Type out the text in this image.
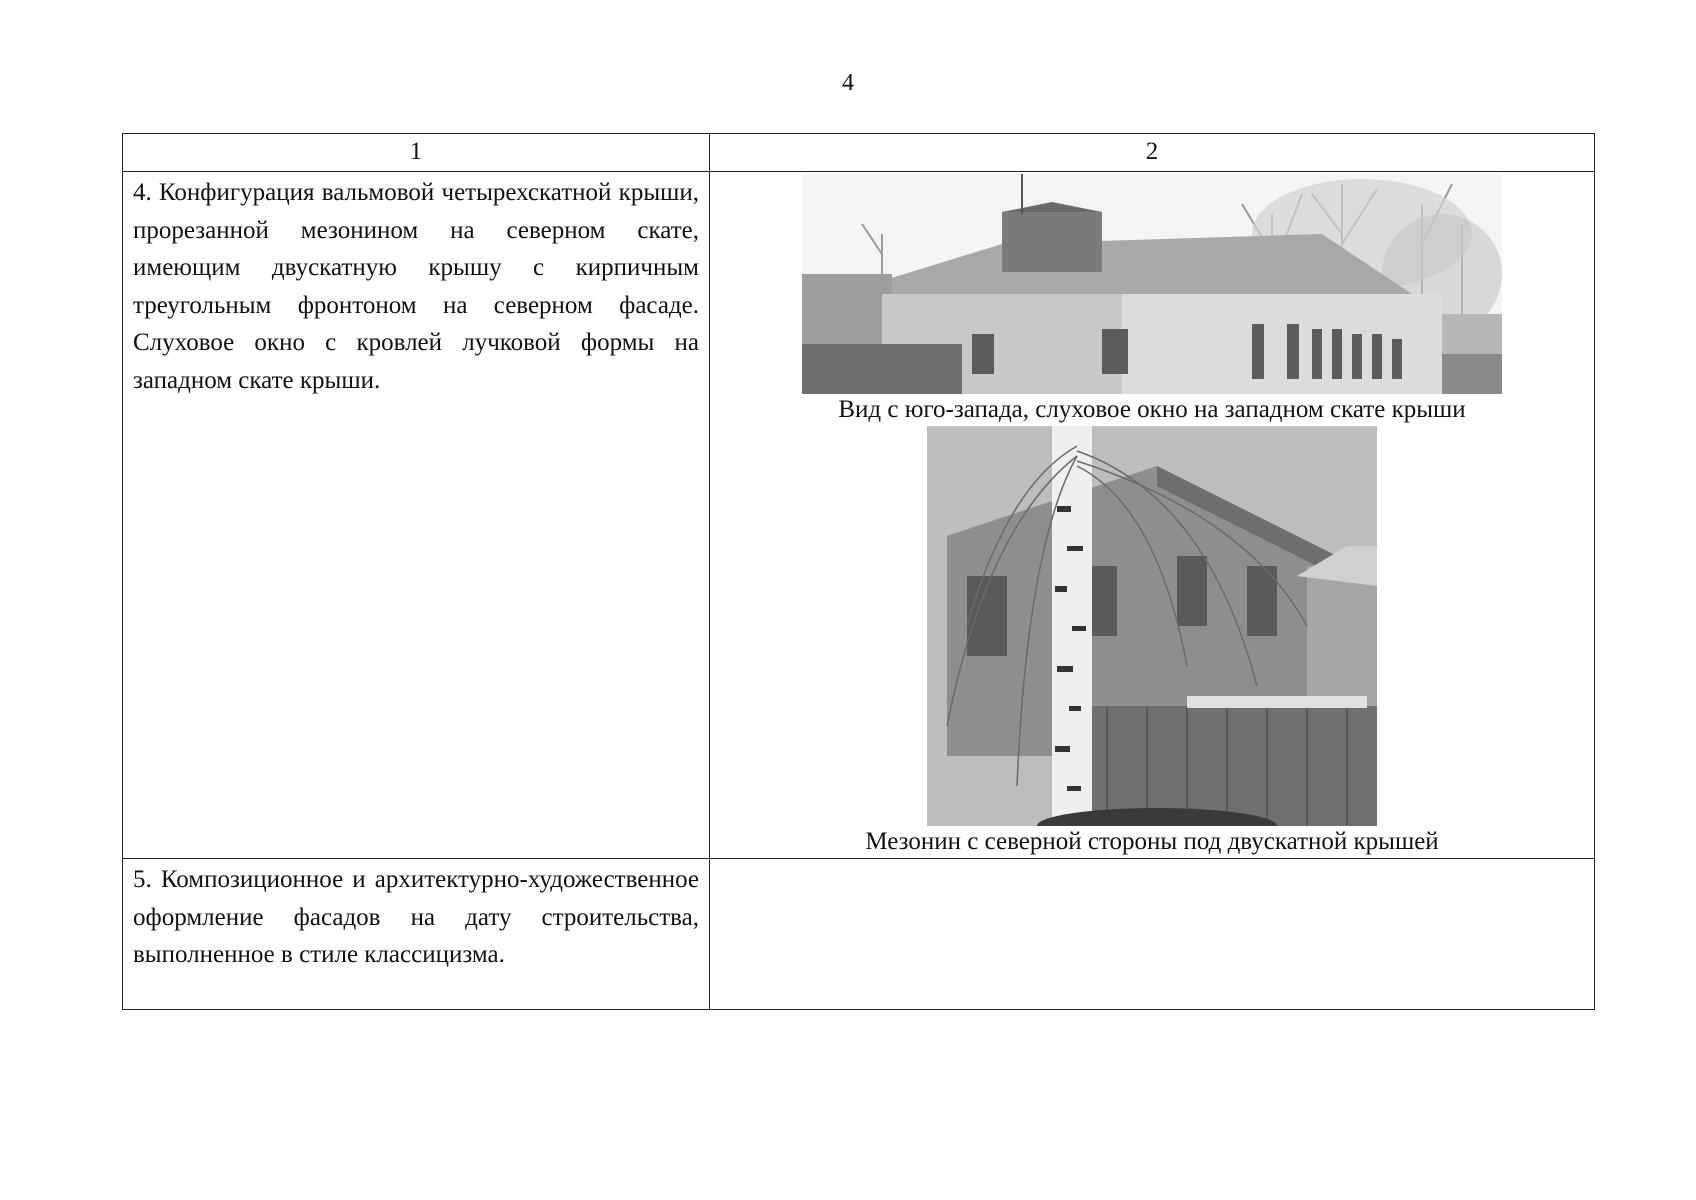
4
1	2

4. Конфигурация вальмовой четырехскатной крыши, прорезанной мезонином на северном скате, имеющим двускатную крышу с кирпичным треугольным фронтоном на северном фасаде. Слуховое окно с кровлей лучковой формы на западном скате крыши.	Вид с юго-запада, слуховое окно на западном скате крыши
Мезонин с северной стороны под двускатной крышей

5. Композиционное и архитектурно-художественное оформление фасадов на дату строительства, выполненное в стиле классицизма.	
